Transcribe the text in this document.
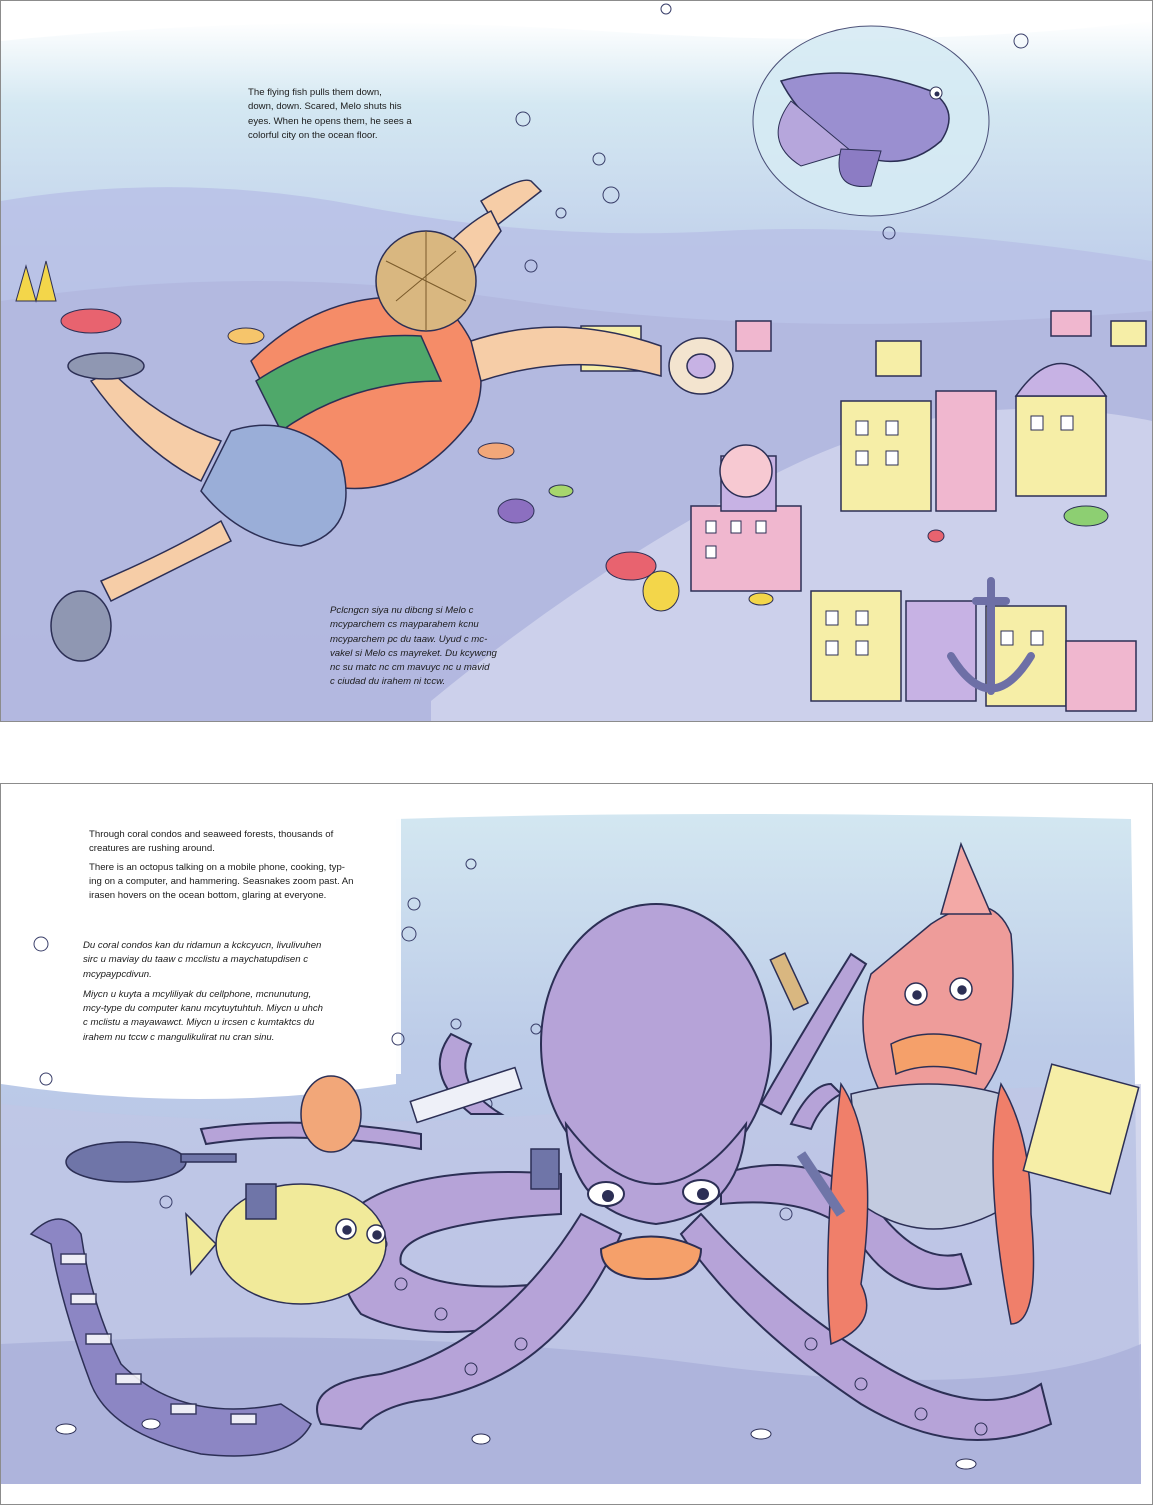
The flying fish pulls them down,
down, down. Scared, Melo shuts his
eyes. When he opens them, he sees a
colorful city on the ocean floor.

Pclcngcn siya nu dibcng si Melo c
mcyparchem cs mayparahem kcnu
mcyparchem pc du taaw. Uyud c mc-
vakel si Melo cs mayreket. Du kcywcng
nc su matc nc cm mavuyc nc u mavid
c ciudad du irahem ni tccw.

Through coral condos and seaweed forests, thousands of
creatures are rushing around.

There is an octopus talking on a mobile phone, cooking, typ-
ing on a computer, and hammering. Seasnakes zoom past. An
irasen hovers on the ocean bottom, glaring at everyone.

Du coral condos kan du ridamun a kckcyucn, livulivuhen
sirc u maviay du taaw c mcclistu a maychatupdisen c
mcypaypcdivun.

Miycn u kuyta a mcyliliyak du cellphone, mcnunutung,
mcy-type du computer kanu mcytuytuhtuh. Miycn u uhch
c mclistu a mayawawct. Miycn u ircsen c kumtaktcs du
irahem nu tccw c mangulikulirat nu cran sinu.
